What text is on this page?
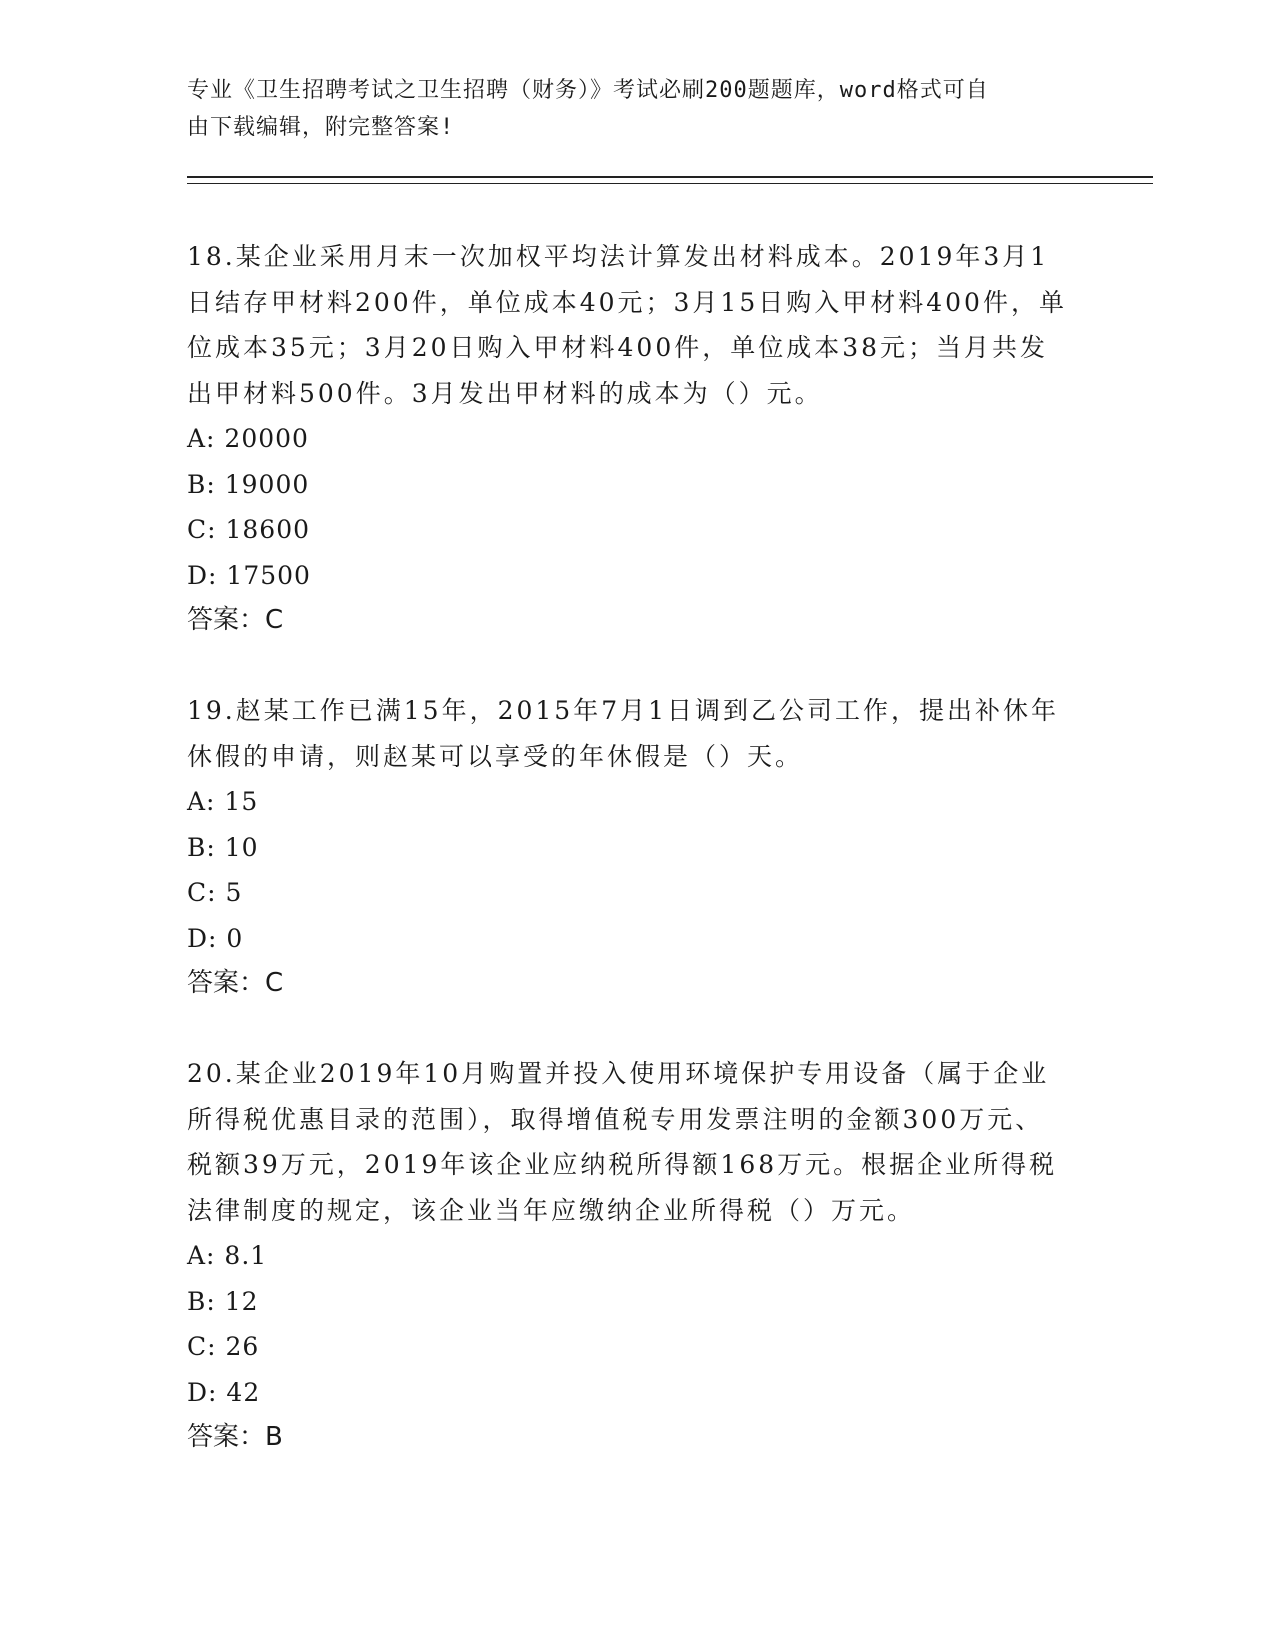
专业《卫生招聘考试之卫生招聘（财务）》考试必刷200题题库，word格式可自
由下载编辑，附完整答案!

18.某企业采用月末一次加权平均法计算发出材料成本。2019年3月1日结存甲材料200件，单位成本40元；3月15日购入甲材料400件，单位成本35元；3月20日购入甲材料400件，单位成本38元；当月共发出甲材料500件。3月发出甲材料的成本为（）元。

A: 20000

B: 19000

C: 18600

D: 17500

答案：C

19.赵某工作已满15年，2015年7月1日调到乙公司工作，提出补休年休假的申请，则赵某可以享受的年休假是（）天。

A: 15

B: 10

C: 5

D: 0

答案：C

20.某企业2019年10月购置并投入使用环境保护专用设备（属于企业所得税优惠目录的范围），取得增值税专用发票注明的金额300万元、税额39万元，2019年该企业应纳税所得额168万元。根据企业所得税法律制度的规定，该企业当年应缴纳企业所得税（）万元。

A: 8.1

B: 12

C: 26

D: 42

答案：B
